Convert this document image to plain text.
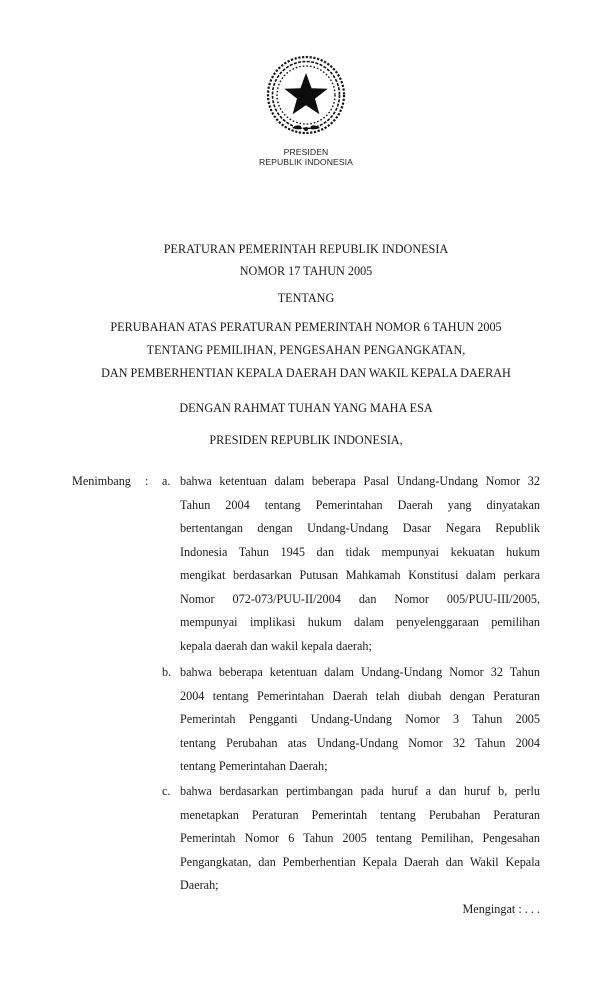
PRESIDEN
REPUBLIK INDONESIA
PERATURAN PEMERINTAH REPUBLIK INDONESIA
NOMOR 17 TAHUN 2005
TENTANG
PERUBAHAN ATAS PERATURAN PEMERINTAH NOMOR 6 TAHUN 2005
TENTANG PEMILIHAN, PENGESAHAN PENGANGKATAN,
DAN PEMBERHENTIAN KEPALA DAERAH DAN WAKIL KEPALA DAERAH
DENGAN RAHMAT TUHAN YANG MAHA ESA
PRESIDEN REPUBLIK INDONESIA,
Menimbang : a. bahwa ketentuan dalam beberapa Pasal Undang-Undang Nomor 32
Tahun 2004 tentang Pemerintahan Daerah yang dinyatakan
bertentangan dengan Undang-Undang Dasar Negara Republik
Indonesia Tahun 1945 dan tidak mempunyai kekuatan hukum
mengikat berdasarkan Putusan Mahkamah Konstitusi dalam perkara
Nomor 072-073/PUU-II/2004 dan Nomor 005/PUU-III/2005,
mempunyai implikasi hukum dalam penyelenggaraan pemilihan
kepala daerah dan wakil kepala daerah;
b. bahwa beberapa ketentuan dalam Undang-Undang Nomor 32 Tahun
2004 tentang Pemerintahan Daerah telah diubah dengan Peraturan
Pemerintah Pengganti Undang-Undang Nomor 3 Tahun 2005
tentang Perubahan atas Undang-Undang Nomor 32 Tahun 2004
tentang Pemerintahan Daerah;
c. bahwa berdasarkan pertimbangan pada huruf a dan huruf b, perlu
menetapkan Peraturan Pemerintah tentang Perubahan Peraturan
Pemerintah Nomor 6 Tahun 2005 tentang Pemilihan, Pengesahan
Pengangkatan, dan Pemberhentian Kepala Daerah dan Wakil Kepala
Daerah;
Mengingat : . . .
